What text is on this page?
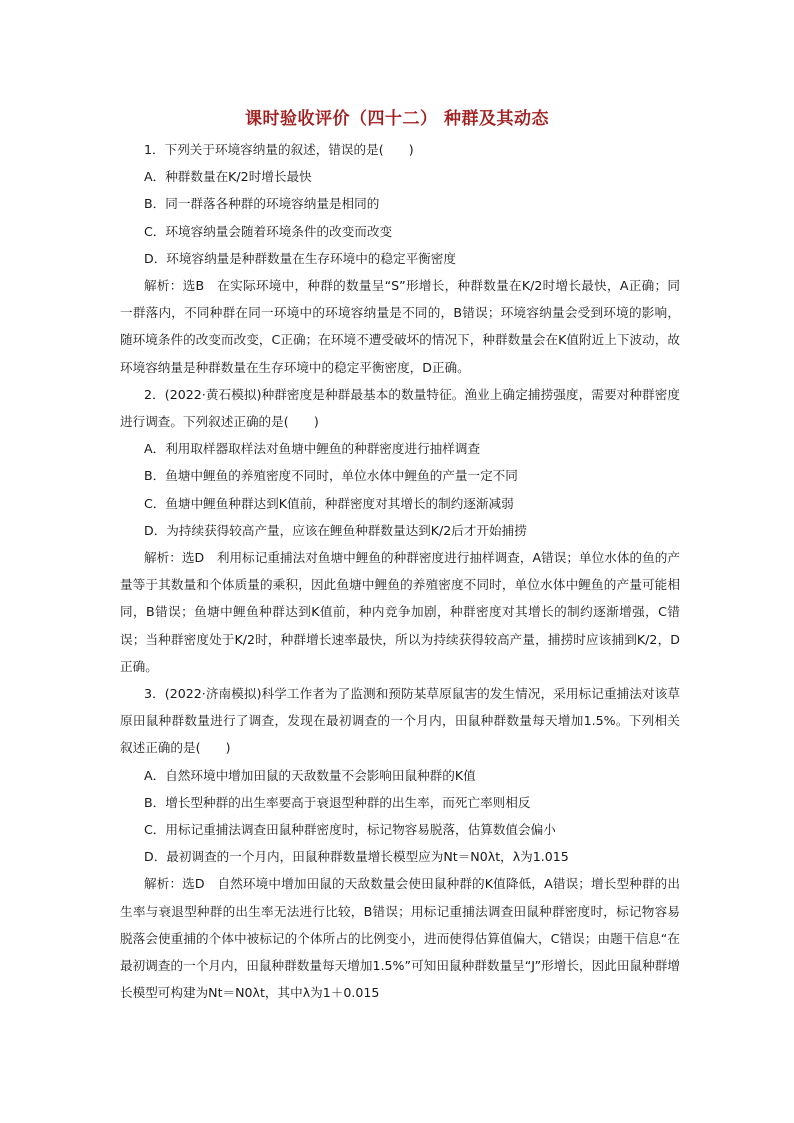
课时验收评价（四十二） 种群及其动态

1．下列关于环境容纳量的叙述，错误的是(　　)

A．种群数量在K/2时增长最快

B．同一群落各种群的环境容纳量是相同的

C．环境容纳量会随着环境条件的改变而改变

D．环境容纳量是种群数量在生存环境中的稳定平衡密度

解析：选B　在实际环境中，种群的数量呈“S”形增长，种群数量在K/2时增长最快，A正确；同一群落内，不同种群在同一环境中的环境容纳量是不同的，B错误；环境容纳量会受到环境的影响，随环境条件的改变而改变，C正确；在环境不遭受破坏的情况下，种群数量会在K值附近上下波动，故环境容纳量是种群数量在生存环境中的稳定平衡密度，D正确。

2．(2022·黄石模拟)种群密度是种群最基本的数量特征。渔业上确定捕捞强度，需要对种群密度进行调查。下列叙述正确的是(　　)

A．利用取样器取样法对鱼塘中鲤鱼的种群密度进行抽样调查

B．鱼塘中鲤鱼的养殖密度不同时，单位水体中鲤鱼的产量一定不同

C．鱼塘中鲤鱼种群达到K值前，种群密度对其增长的制约逐渐减弱

D．为持续获得较高产量，应该在鲤鱼种群数量达到K/2后才开始捕捞

解析：选D　利用标记重捕法对鱼塘中鲤鱼的种群密度进行抽样调查，A错误；单位水体的鱼的产量等于其数量和个体质量的乘积，因此鱼塘中鲤鱼的养殖密度不同时，单位水体中鲤鱼的产量可能相同，B错误；鱼塘中鲤鱼种群达到K值前，种内竞争加剧，种群密度对其增长的制约逐渐增强，C错误；当种群密度处于K/2时，种群增长速率最快，所以为持续获得较高产量，捕捞时应该捕到K/2，D正确。

3．(2022·济南模拟)科学工作者为了监测和预防某草原鼠害的发生情况，采用标记重捕法对该草原田鼠种群数量进行了调查，发现在最初调查的一个月内，田鼠种群数量每天增加1.5%。下列相关叙述正确的是(　　)

A．自然环境中增加田鼠的天敌数量不会影响田鼠种群的K值

B．增长型种群的出生率要高于衰退型种群的出生率，而死亡率则相反

C．用标记重捕法调查田鼠种群密度时，标记物容易脱落，估算数值会偏小

D．最初调查的一个月内，田鼠种群数量增长模型应为Nt＝N0λt，λ为1.015

解析：选D　自然环境中增加田鼠的天敌数量会使田鼠种群的K值降低，A错误；增长型种群的出生率与衰退型种群的出生率无法进行比较，B错误；用标记重捕法调查田鼠种群密度时，标记物容易脱落会使重捕的个体中被标记的个体所占的比例变小，进而使得估算值偏大，C错误；由题干信息“在最初调查的一个月内，田鼠种群数量每天增加1.5%”可知田鼠种群数量呈“J”形增长，因此田鼠种群增长模型可构建为Nt＝N0λt，其中λ为1＋0.015
